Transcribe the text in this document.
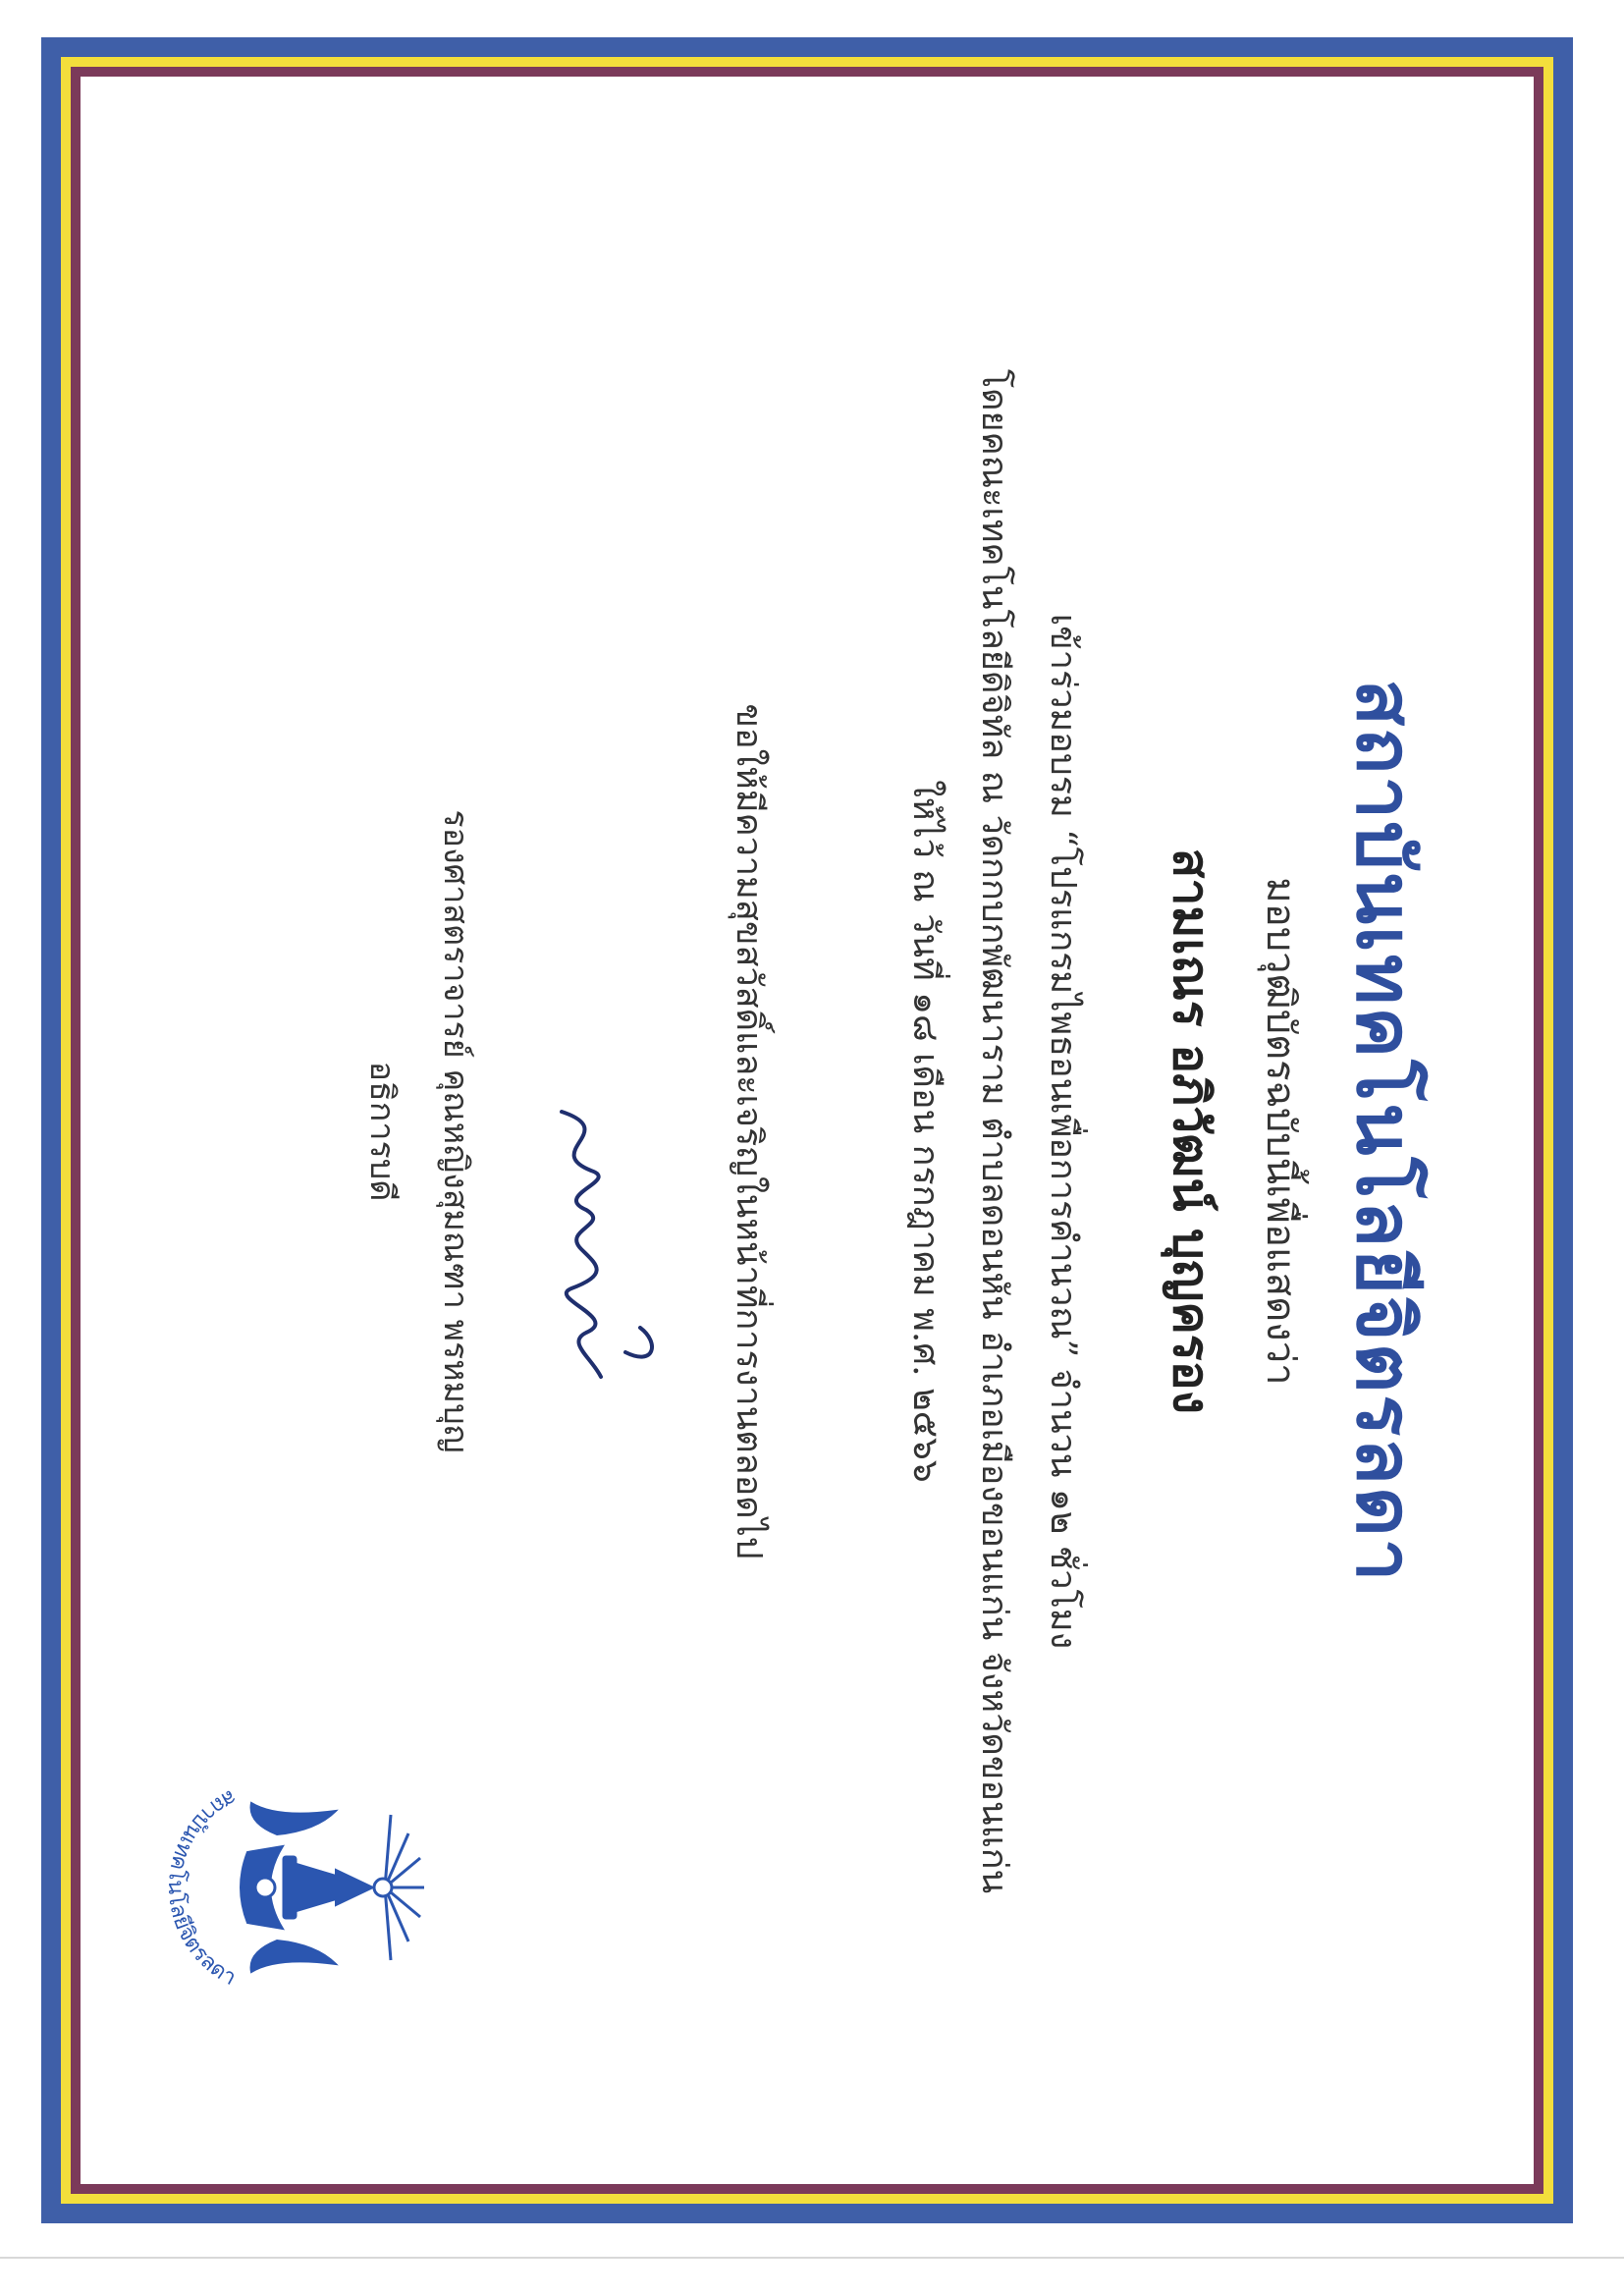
สถาบันเทคโนโลยีจิตรลดา
สถาบันเทคโนโลยีจิตรลดา
มอบวุฒิบัตรฉบับนี้เพื่อแสดงว่า
สามเณร อภิวัฒน์ บุญครอง
เข้าร่วมอบรม “โปรแกรมไพธอนเพื่อการคำนวณ” จำนวน ๑๒ ชั่วโมง
โดยคณะเทคโนโลยีดิจิทัล ณ วัดกกบกพัฒนาราม ตำบลดอนหัน อำเภอเมืองขอนแก่น จังหวัดขอนแก่น
ให้ไว้ ณ วันที่ ๑๘ เดือน กรกฎาคม พ.ศ. ๒๕๖๖
ขอให้มีความสุขสวัสดิ์และเจริญในหน้าที่การงานตลอดไป
รองศาสตราจารย์ คุณหญิงสุมณฑา พรหมบุญ
อธิการบดี
